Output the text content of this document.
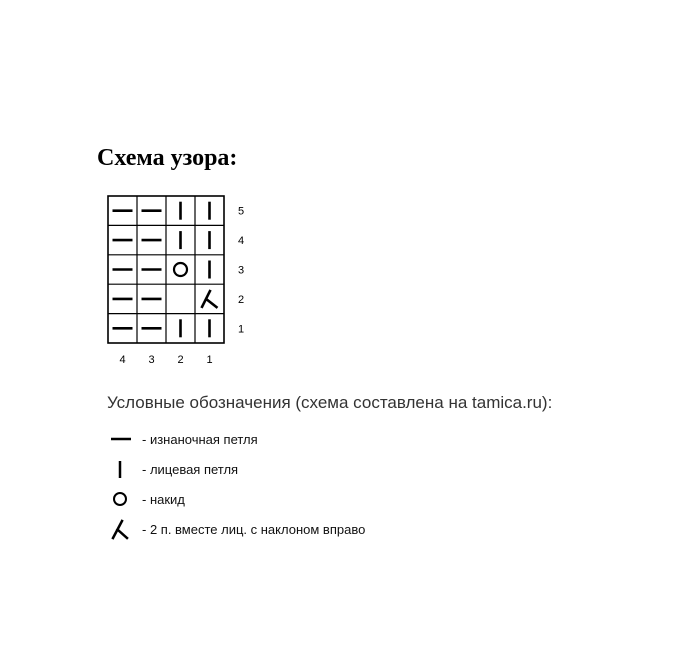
Схема узора:
5
4
3
2
1
4 3 2 1
Условные обозначения (схема составлена на tamica.ru):
- изнаночная петля
- лицевая петля
- накид
- 2 п. вместе лиц. с наклоном вправо
